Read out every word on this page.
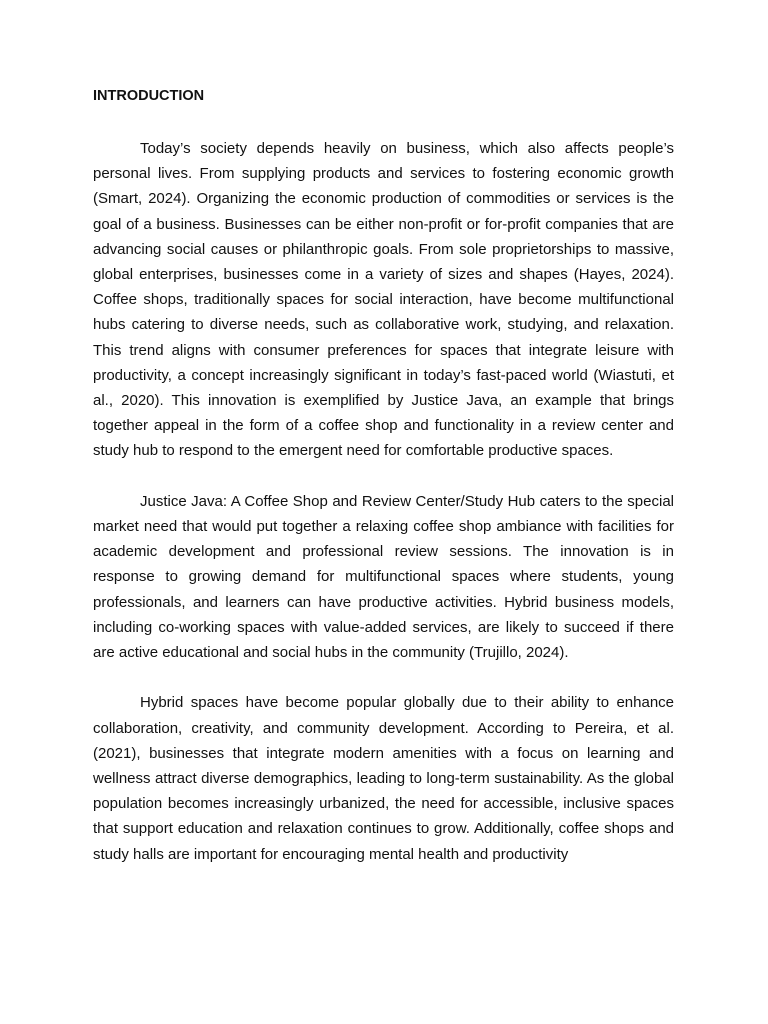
INTRODUCTION

Today’s society depends heavily on business, which also affects people’s personal lives. From supplying products and services to fostering economic growth (Smart, 2024). Organizing the economic production of commodities or services is the goal of a business. Businesses can be either non-profit or for-profit companies that are advancing social causes or philanthropic goals. From sole proprietorships to massive, global enterprises, businesses come in a variety of sizes and shapes (Hayes, 2024). Coffee shops, traditionally spaces for social interaction, have become multifunctional hubs catering to diverse needs, such as collaborative work, studying, and relaxation. This trend aligns with consumer preferences for spaces that integrate leisure with productivity, a concept increasingly significant in today’s fast-paced world (Wiastuti, et al., 2020). This innovation is exemplified by Justice Java, an example that brings together appeal in the form of a coffee shop and functionality in a review center and study hub to respond to the emergent need for comfortable productive spaces.

Justice Java: A Coffee Shop and Review Center/Study Hub caters to the special market need that would put together a relaxing coffee shop ambiance with facilities for academic development and professional review sessions. The innovation is in response to growing demand for multifunctional spaces where students, young professionals, and learners can have productive activities. Hybrid business models, including co-working spaces with value-added services, are likely to succeed if there are active educational and social hubs in the community (Trujillo, 2024).

Hybrid spaces have become popular globally due to their ability to enhance collaboration, creativity, and community development. According to Pereira, et al. (2021), businesses that integrate modern amenities with a focus on learning and wellness attract diverse demographics, leading to long-term sustainability. As the global population becomes increasingly urbanized, the need for accessible, inclusive spaces that support education and relaxation continues to grow. Additionally, coffee shops and study halls are important for encouraging mental health and productivity
